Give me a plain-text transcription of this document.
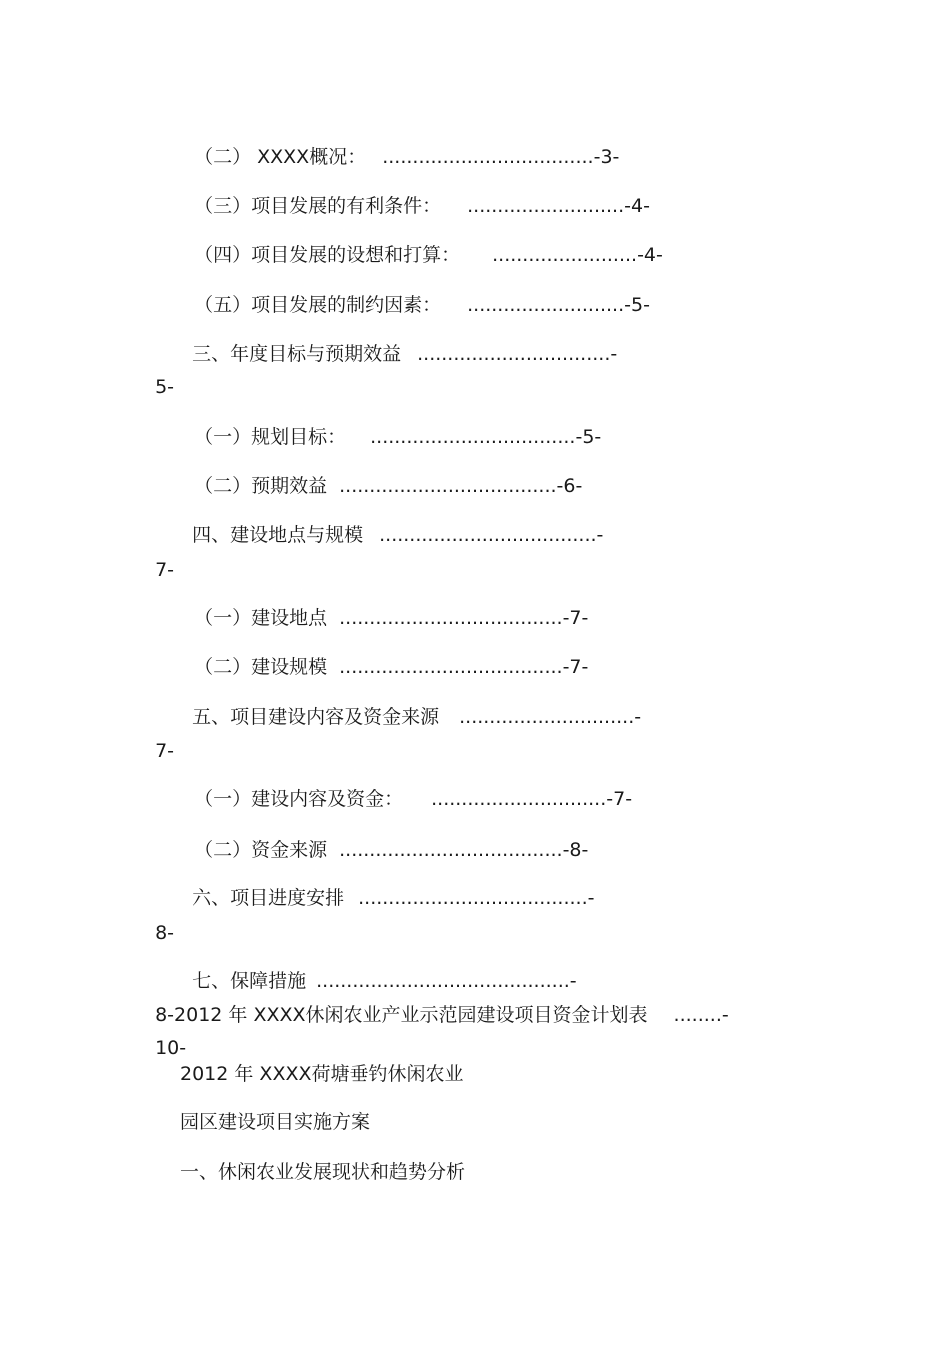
（二） XXXX概况： ...................................-3-

（三）项目发展的有利条件： ..........................-4-

（四）项目发展的设想和打算： ........................-4-

（五）项目发展的制约因素： ..........................-5-

三、年度目标与预期效益 ................................-

5-

（一）规划目标： ..................................-5-

（二）预期效益 ....................................-6-

四、建设地点与规模 ....................................-

7-

（一）建设地点 .....................................-7-

（二）建设规模 .....................................-7-

五、项目建设内容及资金来源 .............................-

7-

（一）建设内容及资金： .............................-7-

（二）资金来源 .....................................-8-

六、项目进度安排 ......................................-

8-

七、保障措施 ..........................................-

8-2012 年 XXXX休闲农业产业示范园建设项目资金计划表 ........-

10-

2012 年 XXXX荷塘垂钓休闲农业
园区建设项目实施方案
一、休闲农业发展现状和趋势分析
